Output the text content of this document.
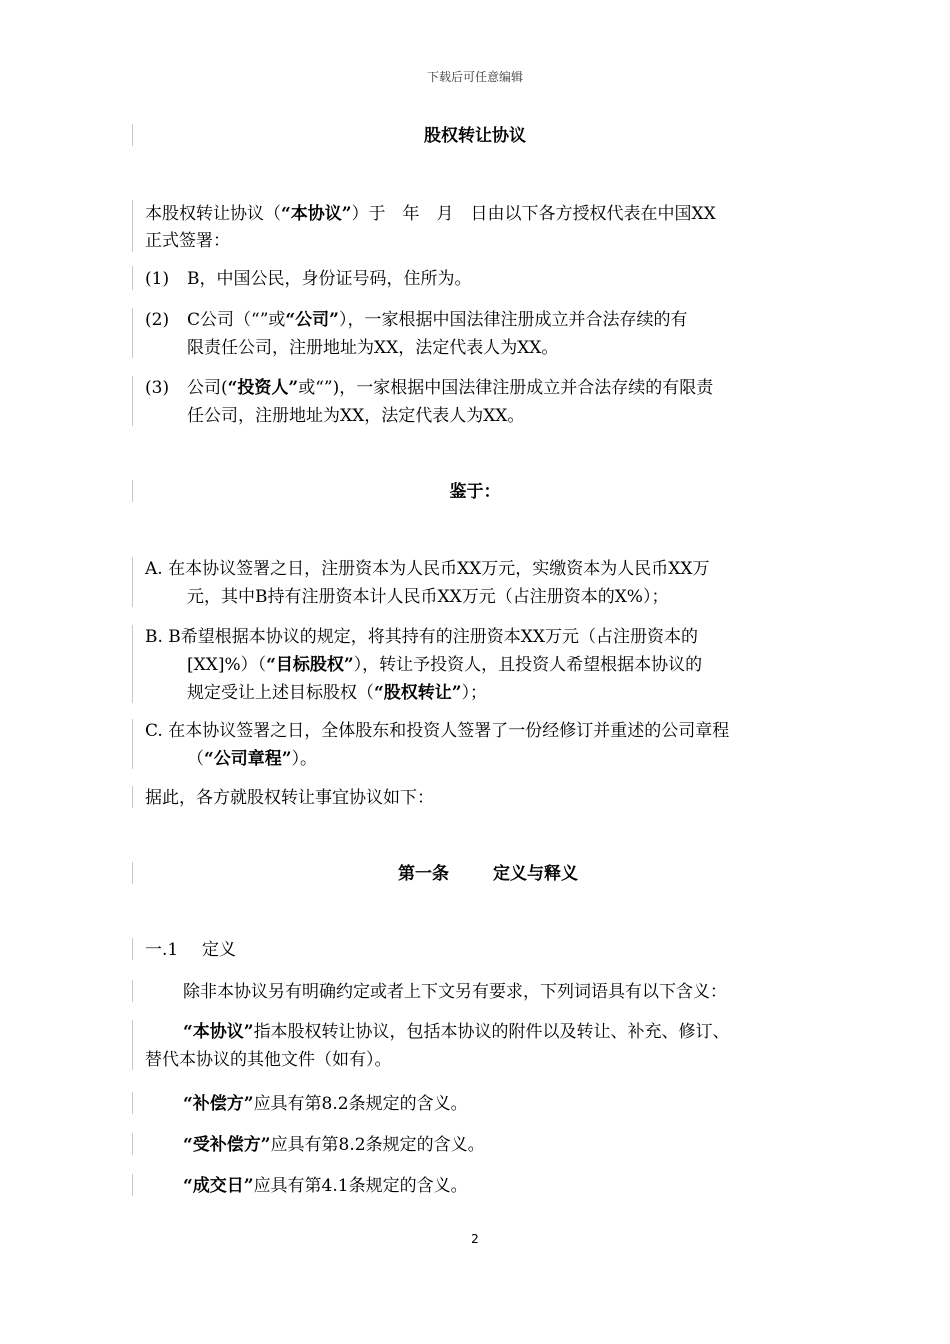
下载后可任意编辑
股权转让协议
本股权转让协议（“本协议”）于　年　月　日由以下各方授权代表在中国XX
正式签署：
(1) B，中国公民，身份证号码，住所为。
(2) C公司（“”或“公司”），一家根据中国法律注册成立并合法存续的有
限责任公司，注册地址为XX，法定代表人为XX。
(3) 公司(“投资人”或“”)，一家根据中国法律注册成立并合法存续的有限责
任公司，注册地址为XX，法定代表人为XX。
鉴于：
A. 在本协议签署之日，注册资本为人民币XX万元，实缴资本为人民币XX万
元，其中B持有注册资本计人民币XX万元（占注册资本的X%）；
B. B希望根据本协议的规定，将其持有的注册资本XX万元（占注册资本的
[XX]%）（“目标股权”），转让予投资人，且投资人希望根据本协议的
规定受让上述目标股权（“股权转让”）；
C. 在本协议签署之日，全体股东和投资人签署了一份经修订并重述的公司章程
（“公司章程”）。
据此，各方就股权转让事宜协议如下：
第一条	定义与释义
一.1 定义
除非本协议另有明确约定或者上下文另有要求，下列词语具有以下含义：
“本协议”指本股权转让协议，包括本协议的附件以及转让、补充、修订、
替代本协议的其他文件（如有）。
“补偿方”应具有第8.2条规定的含义。
“受补偿方”应具有第8.2条规定的含义。
“成交日”应具有第4.1条规定的含义。
2
